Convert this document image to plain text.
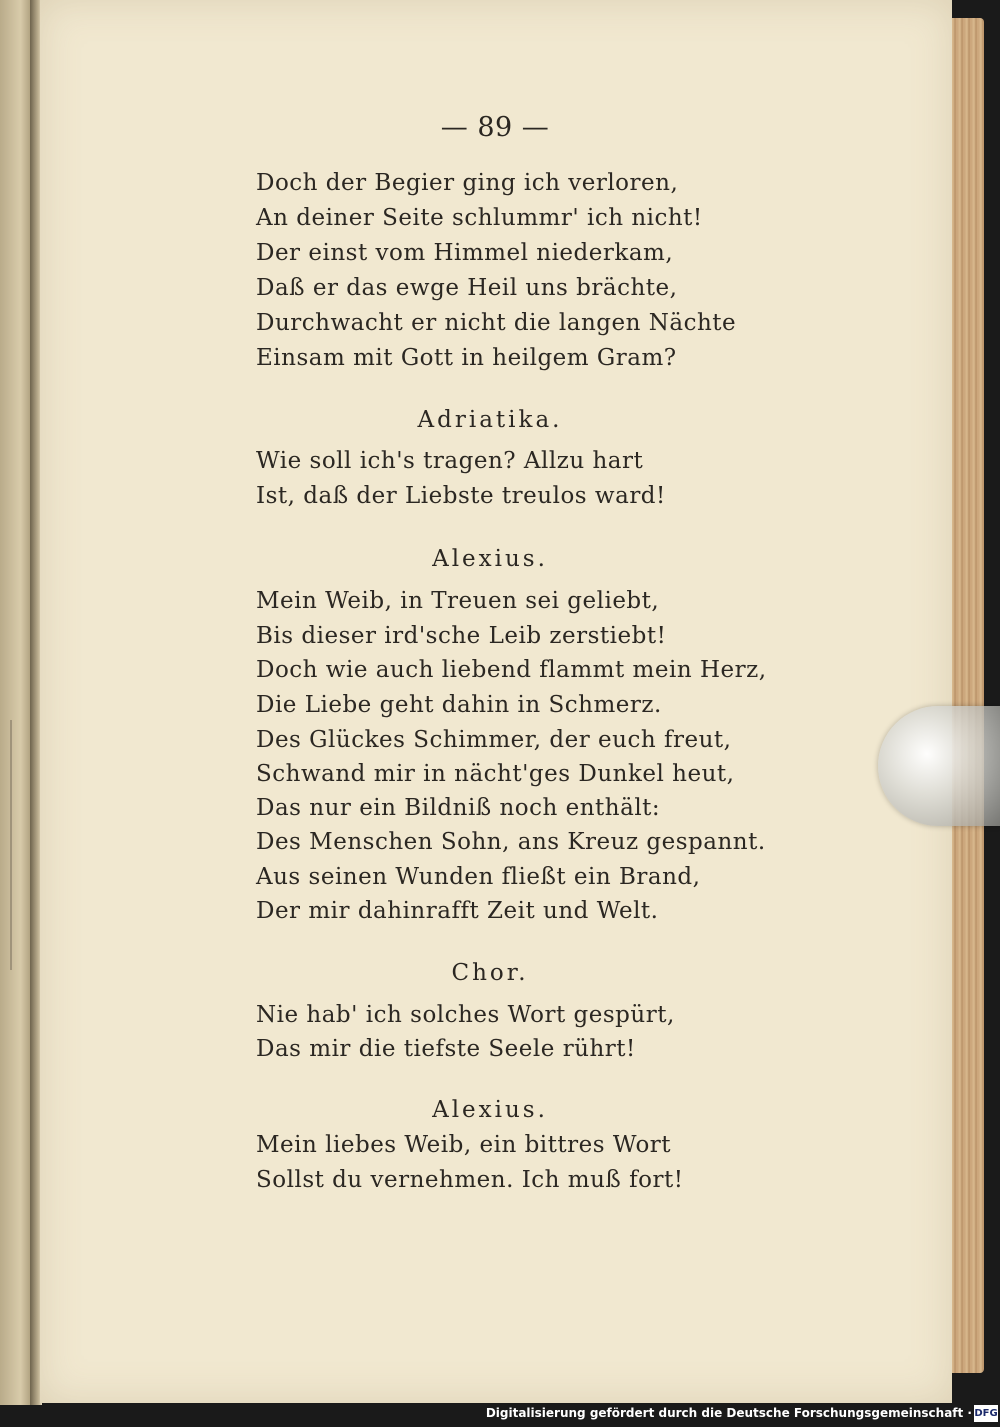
— 89 —
Doch der Begier ging ich verloren,
An deiner Seite schlummr' ich nicht!
Der einst vom Himmel niederkam,
Daß er das ewge Heil uns brächte,
Durchwacht er nicht die langen Nächte
Einsam mit Gott in heilgem Gram?
Adriatika.
Wie soll ich's tragen? Allzu hart
Ist, daß der Liebste treulos ward!
Alexius.
Mein Weib, in Treuen sei geliebt,
Bis dieser ird'sche Leib zerstiebt!
Doch wie auch liebend flammt mein Herz,
Die Liebe geht dahin in Schmerz.
Des Glückes Schimmer, der euch freut,
Schwand mir in nächt'ges Dunkel heut,
Das nur ein Bildniß noch enthält:
Des Menschen Sohn, ans Kreuz gespannt.
Aus seinen Wunden fließt ein Brand,
Der mir dahinrafft Zeit und Welt.
Chor.
Nie hab' ich solches Wort gespürt,
Das mir die tiefste Seele rührt!
Alexius.
Mein liebes Weib, ein bittres Wort
Sollst du vernehmen. Ich muß fort!
Digitalisierung gefördert durch die Deutsche Forschungsgemeinschaft · DFG
